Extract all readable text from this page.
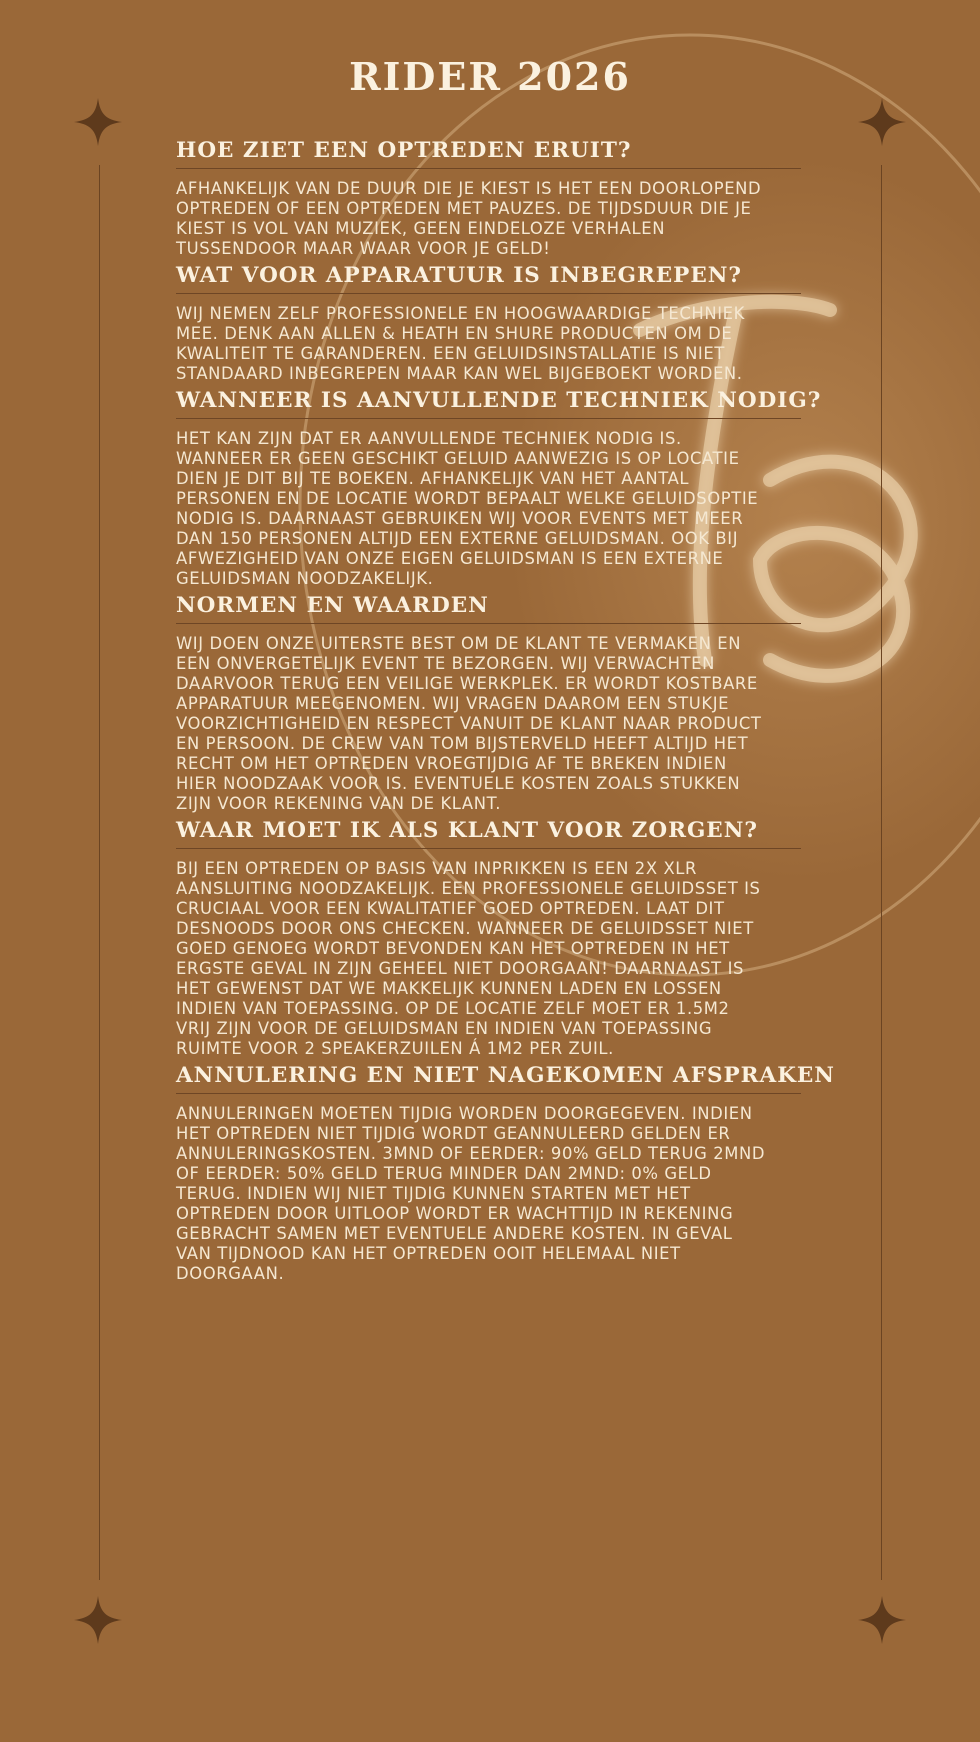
RIDER 2026
HOE ZIET EEN OPTREDEN ERUIT?

AFHANKELIJK VAN DE DUUR DIE JE KIEST IS HET EEN DOORLOPEND OPTREDEN OF EEN OPTREDEN MET PAUZES. DE TIJDSDUUR DIE JE KIEST IS VOL VAN MUZIEK, GEEN EINDELOZE VERHALEN TUSSENDOOR MAAR WAAR VOOR JE GELD!

WAT VOOR APPARATUUR IS INBEGREPEN?

WIJ NEMEN ZELF PROFESSIONELE EN HOOGWAARDIGE TECHNIEK MEE. DENK AAN ALLEN & HEATH EN SHURE PRODUCTEN OM DE KWALITEIT TE GARANDEREN. EEN GELUIDSINSTALLATIE IS NIET STANDAARD INBEGREPEN MAAR KAN WEL BIJGEBOEKT WORDEN.

WANNEER IS AANVULLENDE TECHNIEK NODIG?

HET KAN ZIJN DAT ER AANVULLENDE TECHNIEK NODIG IS. WANNEER ER GEEN GESCHIKT GELUID AANWEZIG IS OP LOCATIE DIEN JE DIT BIJ TE BOEKEN. AFHANKELIJK VAN HET AANTAL PERSONEN EN DE LOCATIE WORDT BEPAALT WELKE GELUIDSOPTIE NODIG IS. DAARNAAST GEBRUIKEN WIJ VOOR EVENTS MET MEER DAN 150 PERSONEN ALTIJD EEN EXTERNE GELUIDSMAN. OOK BIJ AFWEZIGHEID VAN ONZE EIGEN GELUIDSMAN IS EEN EXTERNE GELUIDSMAN NOODZAKELIJK.

NORMEN EN WAARDEN

WIJ DOEN ONZE UITERSTE BEST OM DE KLANT TE VERMAKEN EN EEN ONVERGETELIJK EVENT TE BEZORGEN. WIJ VERWACHTEN DAARVOOR TERUG EEN VEILIGE WERKPLEK. ER WORDT KOSTBARE APPARATUUR MEEGENOMEN. WIJ VRAGEN DAAROM EEN STUKJE VOORZICHTIGHEID EN RESPECT VANUIT DE KLANT NAAR PRODUCT EN PERSOON. DE CREW VAN TOM BIJSTERVELD HEEFT ALTIJD HET RECHT OM HET OPTREDEN VROEGTIJDIG AF TE BREKEN INDIEN HIER NOODZAAK VOOR IS. EVENTUELE KOSTEN ZOALS STUKKEN ZIJN VOOR REKENING VAN DE KLANT.

WAAR MOET IK ALS KLANT VOOR ZORGEN?

BIJ EEN OPTREDEN OP BASIS VAN INPRIKKEN IS EEN 2X XLR AANSLUITING NOODZAKELIJK. EEN PROFESSIONELE GELUIDSSET IS CRUCIAAL VOOR EEN KWALITATIEF GOED OPTREDEN. LAAT DIT DESNOODS DOOR ONS CHECKEN. WANNEER DE GELUIDSSET NIET GOED GENOEG WORDT BEVONDEN KAN HET OPTREDEN IN HET ERGSTE GEVAL IN ZIJN GEHEEL NIET DOORGAAN! DAARNAAST IS HET GEWENST DAT WE MAKKELIJK KUNNEN LADEN EN LOSSEN INDIEN VAN TOEPASSING. OP DE LOCATIE ZELF MOET ER 1.5M2 VRIJ ZIJN VOOR DE GELUIDSMAN EN INDIEN VAN TOEPASSING RUIMTE VOOR 2 SPEAKERZUILEN Á 1M2 PER ZUIL.

ANNULERING EN NIET NAGEKOMEN AFSPRAKEN

ANNULERINGEN MOETEN TIJDIG WORDEN DOORGEGEVEN. INDIEN HET OPTREDEN NIET TIJDIG WORDT GEANNULEERD GELDEN ER ANNULERINGSKOSTEN. 3MND OF EERDER: 90% GELD TERUG 2MND OF EERDER: 50% GELD TERUG MINDER DAN 2MND: 0% GELD TERUG. INDIEN WIJ NIET TIJDIG KUNNEN STARTEN MET HET OPTREDEN DOOR UITLOOP WORDT ER WACHTTIJD IN REKENING GEBRACHT SAMEN MET EVENTUELE ANDERE KOSTEN. IN GEVAL VAN TIJDNOOD KAN HET OPTREDEN OOIT HELEMAAL NIET DOORGAAN.
